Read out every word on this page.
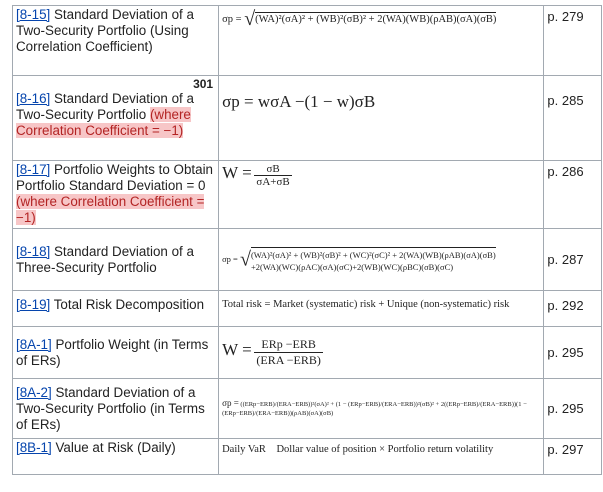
[8-15] Standard Deviation of a Two-Security Portfolio (Using Correlation Coefficient)	σp = √(WA)²(σA)² + (WB)²(σB)² + 2(WA)(WB)(ρAB)(σA)(σB)	p. 279

301
[8-16] Standard Deviation of a Two-Security Portfolio (where Correlation Coefficient = −1)	σp = wσA −(1 − w)σB	p. 285
[8-17] Portfolio Weights to Obtain Portfolio Standard Deviation = 0 (where Correlation Coefficient = −1)	$W = \frac{\sigma B}{\sigma A+\sigma B}$	p. 286
[8-18] Standard Deviation of a Three-Security Portfolio	σp = √(WA)²(σA)² + (WB)²(σB)² + (WC)²(σC)² + 2(WA)(WB)(ρAB)(σA)(σB)
+2(WA)(WC)(ρAC)(σA)(σC)+2(WB)(WC)(ρBC)(σB)(σC)	p. 287
[8-19] Total Risk Decomposition	Total risk = Market (systematic) risk + Unique (non-systematic) risk	p. 292
[8A-1] Portfolio Weight (in Terms of ERs)	$W = \frac{\text{ERp −ERB}}{\text{(ERA −ERB)}}$	p. 295
[8A-2] Standard Deviation of a Two-Security Portfolio (in Terms of ERs)	σp = ((ERp−ERB)/(ERA−ERB))²(σA)² + (1 − (ERp−ERB)/(ERA−ERB))²(σB)² + 2((ERp−ERB)/(ERA−ERB))(1 − (ERp−ERB)/(ERA−ERB))(ρAB)(σA)(σB)	p. 295
[8B-1] Value at Risk (Daily)	Daily VaR    Dollar value of position × Portfolio return volatility	p. 297
